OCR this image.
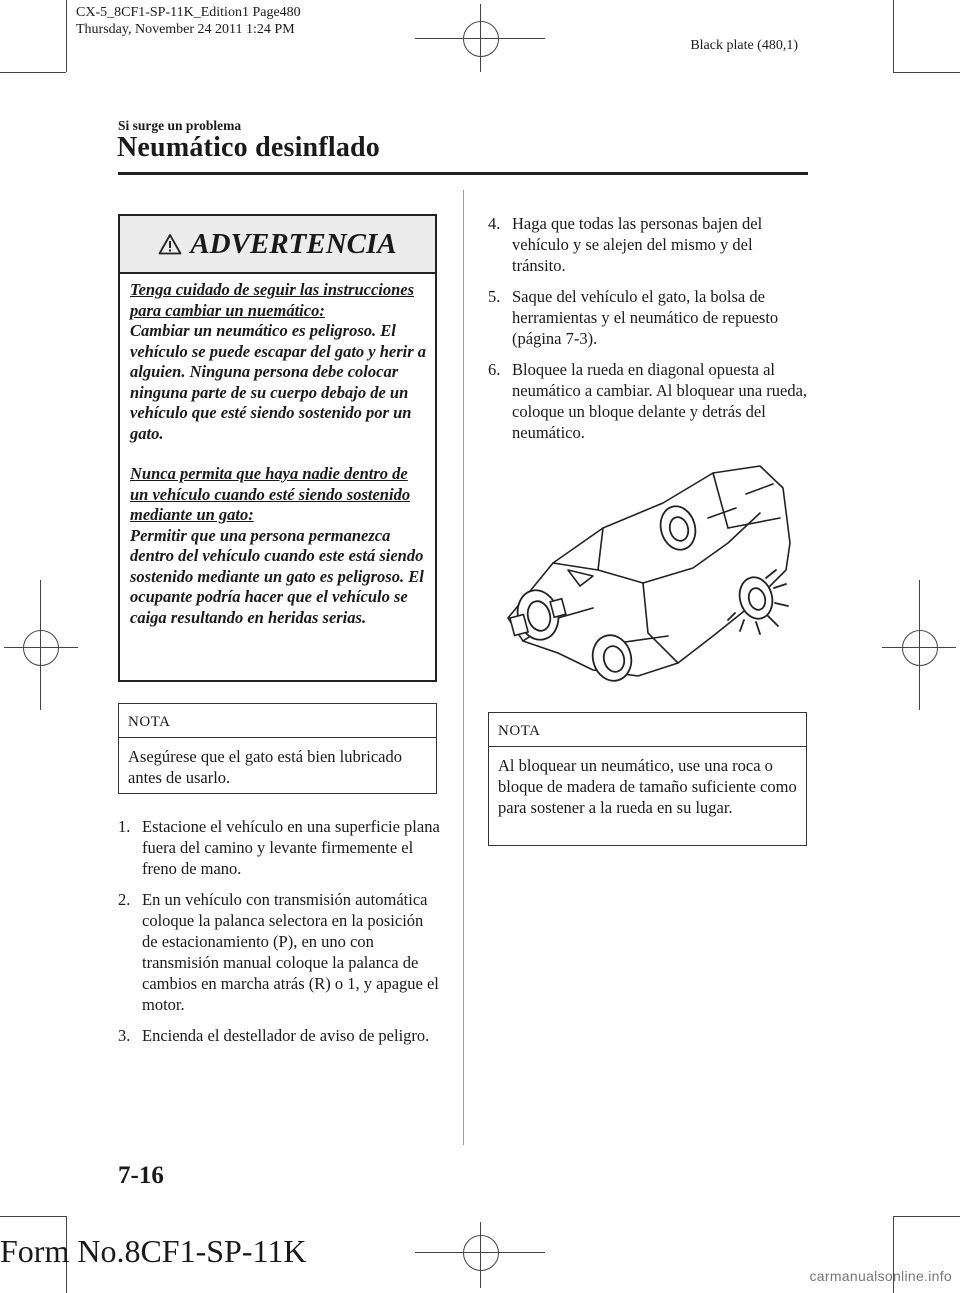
CX-5_8CF1-SP-11K_Edition1 Page480
Thursday, November 24 2011 1:24 PM
Black plate (480,1)
Si surge un problema
Neumático desinflado
ADVERTENCIA

Tenga cuidado de seguir las instrucciones para cambiar un nuemático:

Cambiar un neumático es peligroso. El vehículo se puede escapar del gato y herir a alguien. Ninguna persona debe colocar ninguna parte de su cuerpo debajo de un vehículo que esté siendo sostenido por un gato.

Nunca permita que haya nadie dentro de un vehículo cuando esté siendo sostenido mediante un gato:

Permitir que una persona permanezca dentro del vehículo cuando este está siendo sostenido mediante un gato es peligroso. El ocupante podría hacer que el vehículo se caiga resultando en heridas serias.

NOTA
Asegúrese que el gato está bien lubricado antes de usarlo.
1. Estacione el vehículo en una superficie plana fuera del camino y levante firmemente el freno de mano.
2. En un vehículo con transmisión automática coloque la palanca selectora en la posición de estacionamiento (P), en uno con transmisión manual coloque la palanca de cambios en marcha atrás (R) o 1, y apague el motor.
3. Encienda el destellador de aviso de peligro.
4. Haga que todas las personas bajen del vehículo y se alejen del mismo y del tránsito.
5. Saque del vehículo el gato, la bolsa de herramientas y el neumático de repuesto (página 7-3).
6. Bloquee la rueda en diagonal opuesta al neumático a cambiar. Al bloquear una rueda, coloque un bloque delante y detrás del neumático.
NOTA
Al bloquear un neumático, use una roca o bloque de madera de tamaño suficiente como para sostener a la rueda en su lugar.
7-16
Form No.8CF1-SP-11K
carmanualsonline.info
